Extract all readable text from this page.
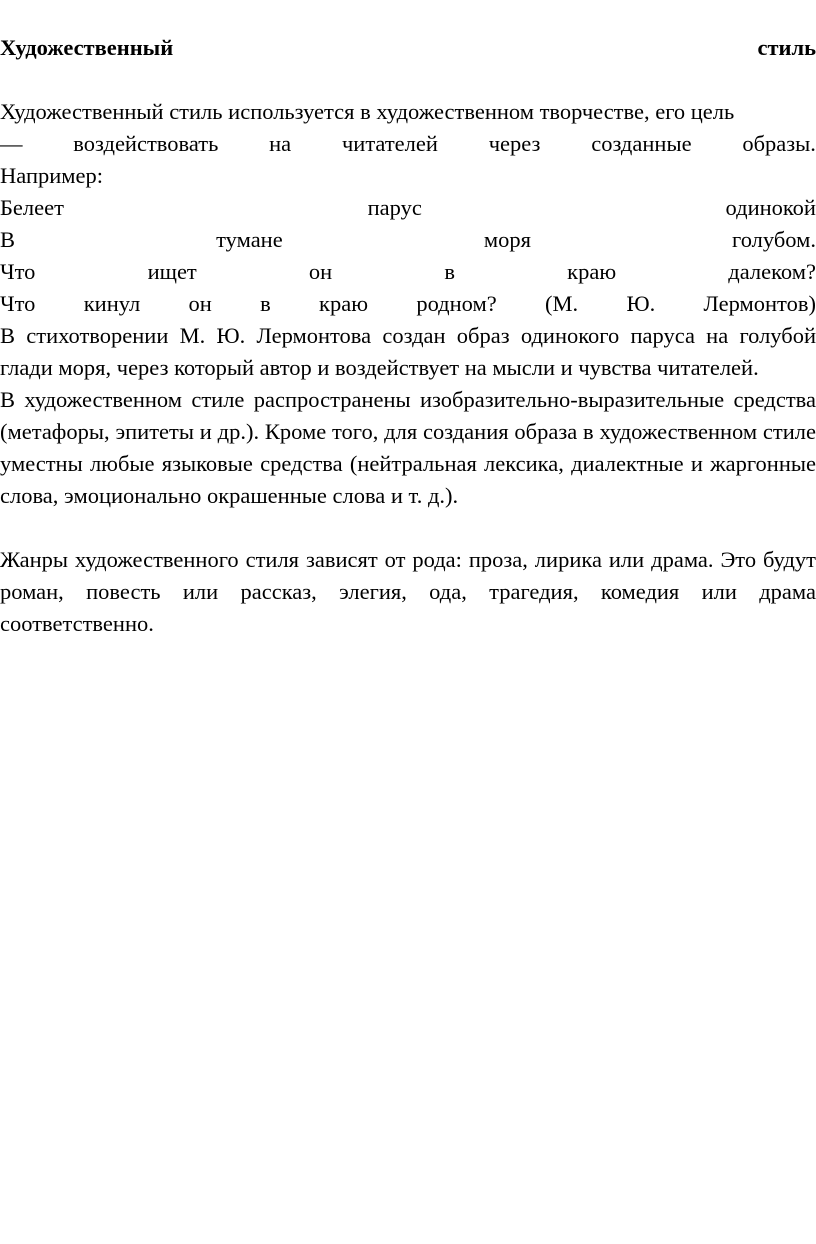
Художественный	стиль
Художественный стиль используется в художественном творчестве, его цель
— воздействовать на читателей через созданные образы.
Например:
Белеет	парус	одинокой
В	тумане	моря	голубом.
Что	ищет	он	в	краю	далеком?
Что кинул он в краю родном? (М. Ю. Лермонтов)

В стихотворении М. Ю. Лермонтова создан образ одинокого паруса на голубой глади моря, через который автор и воздействует на мысли и чувства читателей.

В художественном стиле распространены изобразительно-выразительные средства (метафоры, эпитеты и др.). Кроме того, для создания образа в художественном стиле уместны любые языковые средства (нейтральная лексика, диалектные и жаргонные слова, эмоционально окрашенные слова и т. д.).

Жанры художественного стиля зависят от рода: проза, лирика или драма. Это будут роман, повесть или рассказ, элегия, ода, трагедия, комедия или драма соответственно.
